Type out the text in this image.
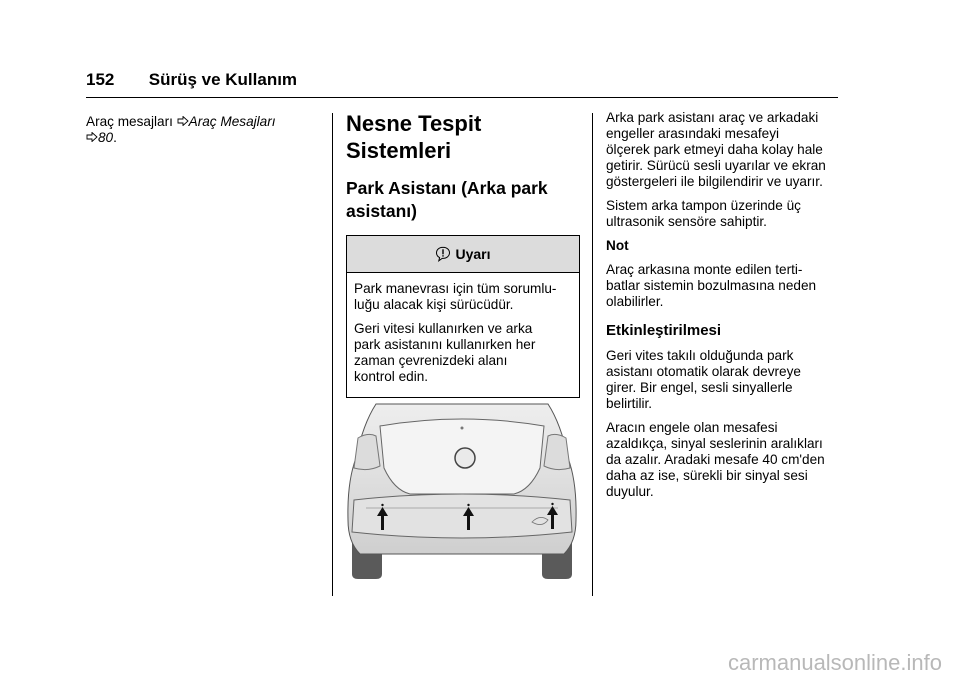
152 Sürüş ve Kullanım
Araç mesajları Araç Mesajları
80.
Nesne Tespit
Sistemleri
Park Asistanı (Arka park
asistanı)
Uyarı

Park manevrası için tüm sorumlu-
luğu alacak kişi sürücüdür.

Geri vitesi kullanırken ve arka
park asistanını kullanırken her
zaman çevrenizdeki alanı
kontrol edin.

Arka park asistanı araç ve arkadaki
engeller arasındaki mesafeyi
ölçerek park etmeyi daha kolay hale
getirir. Sürücü sesli uyarılar ve ekran
göstergeleri ile bilgilendirir ve uyarır.

Sistem arka tampon üzerinde üç
ultrasonik sensöre sahiptir.

Not

Araç arkasına monte edilen terti-
batlar sistemin bozulmasına neden
olabilirler.

Etkinleştirilmesi

Geri vites takılı olduğunda park
asistanı otomatik olarak devreye
girer. Bir engel, sesli sinyallerle
belirtilir.

Aracın engele olan mesafesi
azaldıkça, sinyal seslerinin aralıkları
da azalır. Aradaki mesafe 40 cm'den
daha az ise, sürekli bir sinyal sesi
duyulur.

carmanualsonline.info
